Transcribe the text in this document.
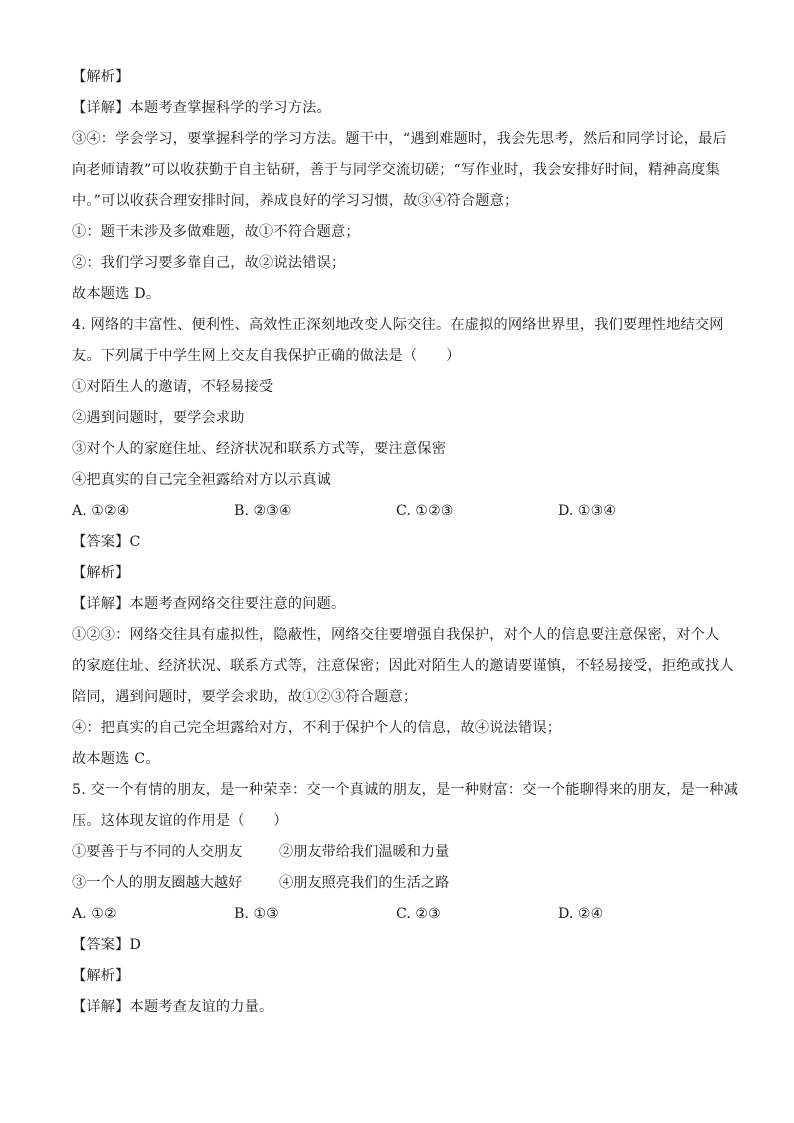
【解析】
【详解】本题考查掌握科学的学习方法。
③④：学会学习，要掌握科学的学习方法。题干中，“遇到难题时，我会先思考，然后和同学讨论，最后
向老师请教”可以收获勤于自主钻研，善于与同学交流切磋；“写作业时，我会安排好时间，精神高度集
中。”可以收获合理安排时间，养成良好的学习习惯，故③④符合题意；
①：题干未涉及多做难题，故①不符合题意；
②：我们学习要多靠自己，故②说法错误；
故本题选 D。
4. 网络的丰富性、便利性、高效性正深刻地改变人际交往。在虚拟的网络世界里，我们要理性地结交网
友。下列属于中学生网上交友自我保护正确的做法是（　　）
①对陌生人的邀请，不轻易接受
②遇到问题时，要学会求助
③对个人的家庭住址、经济状况和联系方式等，要注意保密
④把真实的自己完全袒露给对方以示真诚
A. ①②④	B. ②③④	C. ①②③	D. ①③④
【答案】C
【解析】
【详解】本题考查网络交往要注意的问题。
①②③：网络交往具有虚拟性，隐蔽性，网络交往要增强自我保护，对个人的信息要注意保密，对个人
的家庭住址、经济状况、联系方式等，注意保密；因此对陌生人的邀请要谨慎，不轻易接受，拒绝或找人
陪同，遇到问题时，要学会求助，故①②③符合题意；
④：把真实的自己完全坦露给对方，不利于保护个人的信息，故④说法错误；
故本题选 C。
5. 交一个有情的朋友，是一种荣幸：交一个真诚的朋友，是一种财富：交一个能聊得来的朋友，是一种减
压。这体现友谊的作用是（　　）
①要善于与不同的人交朋友	②朋友带给我们温暖和力量
③一个人的朋友圈越大越好	④朋友照亮我们的生活之路
A. ①②	B. ①③	C. ②③	D. ②④
【答案】D
【解析】
【详解】本题考查友谊的力量。
